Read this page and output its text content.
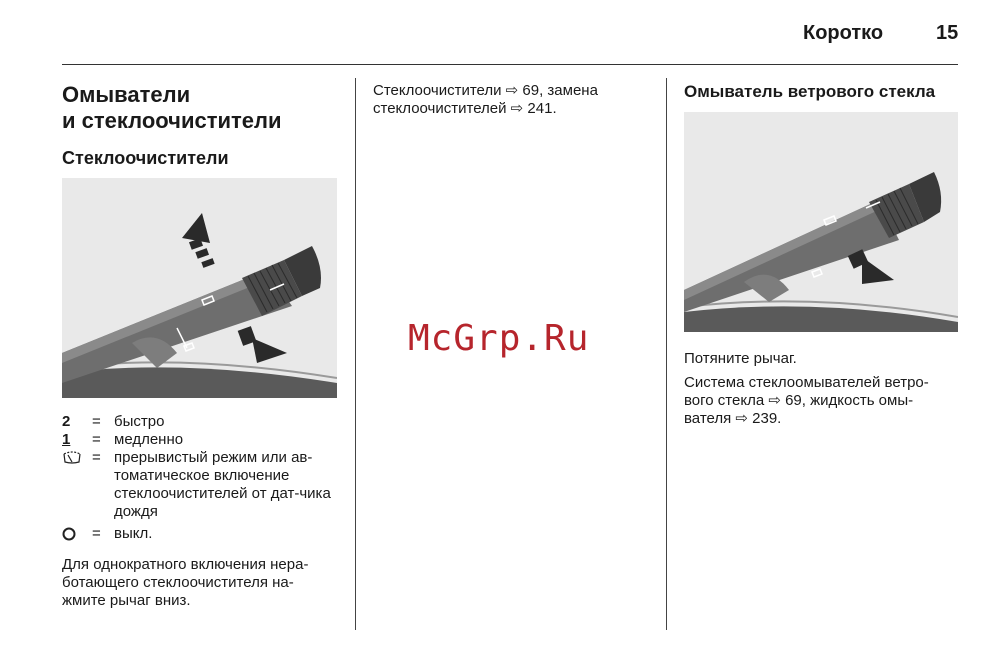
Коротко	15
Омыватели
и стеклоочистители
Стеклоочистители
2	= быстро
1	= медленно
= прерывистый режим или ав-томатическое включение стеклоочистителей от дат-чика дождя
= выкл.
Для однократного включения нера-ботающего стеклоочистителя на-жмите рычаг вниз.
Стеклоочистители ⇨ 69, замена стеклоочистителей ⇨ 241.
McGrp.Ru
Омыватель ветрового стекла
Потяните рычаг.
Система стеклоомывателей ветро-вого стекла ⇨ 69, жидкость омы-вателя ⇨ 239.
